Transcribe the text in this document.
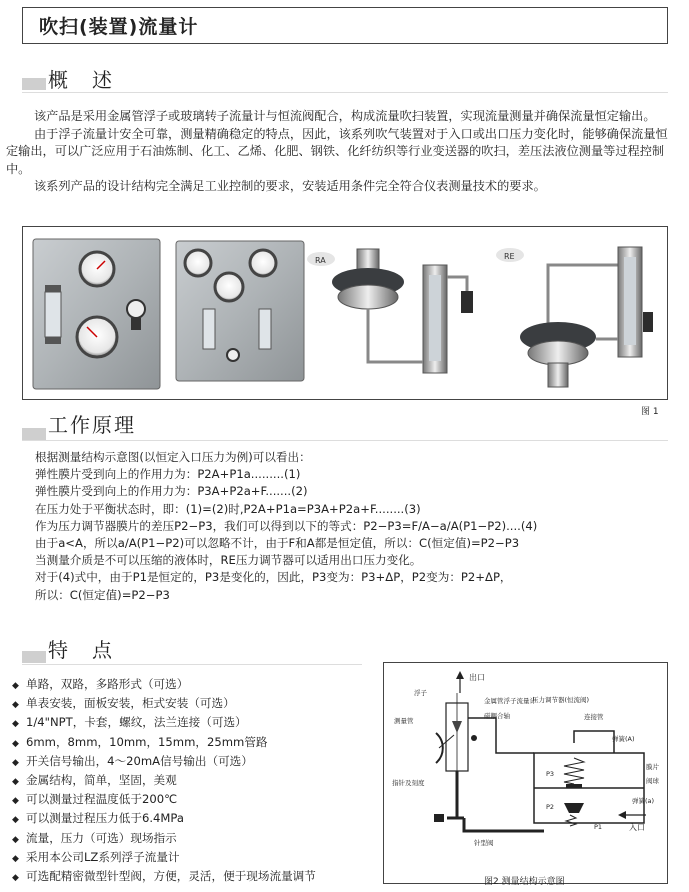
吹扫(装置)流量计
概　述

该产品是采用金属管浮子或玻璃转子流量计与恒流阀配合，构成流量吹扫装置，实现流量测量并确保流量恒定输出。

由于浮子流量计安全可靠，测量精确稳定的特点，因此，该系列吹气装置对于入口或出口压力变化时，能够确保流量恒定输出，可以广泛应用于石油炼制、化工、乙烯、化肥、钢铁、化纤纺织等行业变送器的吹扫，差压法液位测量等过程控制中。

该系列产品的设计结构完全满足工业控制的要求，安装适用条件完全符合仪表测量技术的要求。

RA	RE
图 1
工作原理

根据测量结构示意图(以恒定入口压力为例)可以看出：

弹性膜片受到向上的作用力为：P2A+P1a.........(1)

弹性膜片受到向上的作用力为：P3A+P2a+F.......(2)

在压力处于平衡状态时，即：(1)=(2)时,P2A+P1a=P3A+P2a+F........(3)

作为压力调节器膜片的差压P2−P3，我们可以得到以下的等式：P2−P3=F/A−a/A(P1−P2)....(4)

由于a<A，所以a/A(P1−P2)可以忽略不计，由于F和A都是恒定值，所以：C(恒定值)=P2−P3

当测量介质是不可以压缩的液体时，RE压力调节器可以适用出口压力变化。

对于(4)式中，由于P1是恒定的，P3是变化的，因此，P3变为：P3+ΔP，P2变为：P2+ΔP，

所以：C(恒定值)=P2−P3

特　点

◆ 单路，双路，多路形式（可选）

◆ 单表安装，面板安装，柜式安装（可选）

◆ 1/4"NPT，卡套，螺纹，法兰连接（可选）

◆ 6mm，8mm，10mm，15mm，25mm管路

◆ 开关信号输出，4～20mA信号输出（可选）

◆ 金属结构，简单，坚固，美观

◆ 可以测量过程温度低于200℃

◆ 可以测量过程压力低于6.4MPa

◆ 流量，压力（可选）现场指示

◆ 采用本公司LZ系列浮子流量计

◆ 可选配精密微型针型阀，方便，灵活，便于现场流量调节

出口
浮子
金属管浮子流量计
压力调节器(恒流阀)
磁耦合轴	连接管
测量管
弹簧(A)
膜片
阀球
指针及刻度
P3
P2
P1
弹簧(a)
针型阀
入口
图2 测量结构示意图
